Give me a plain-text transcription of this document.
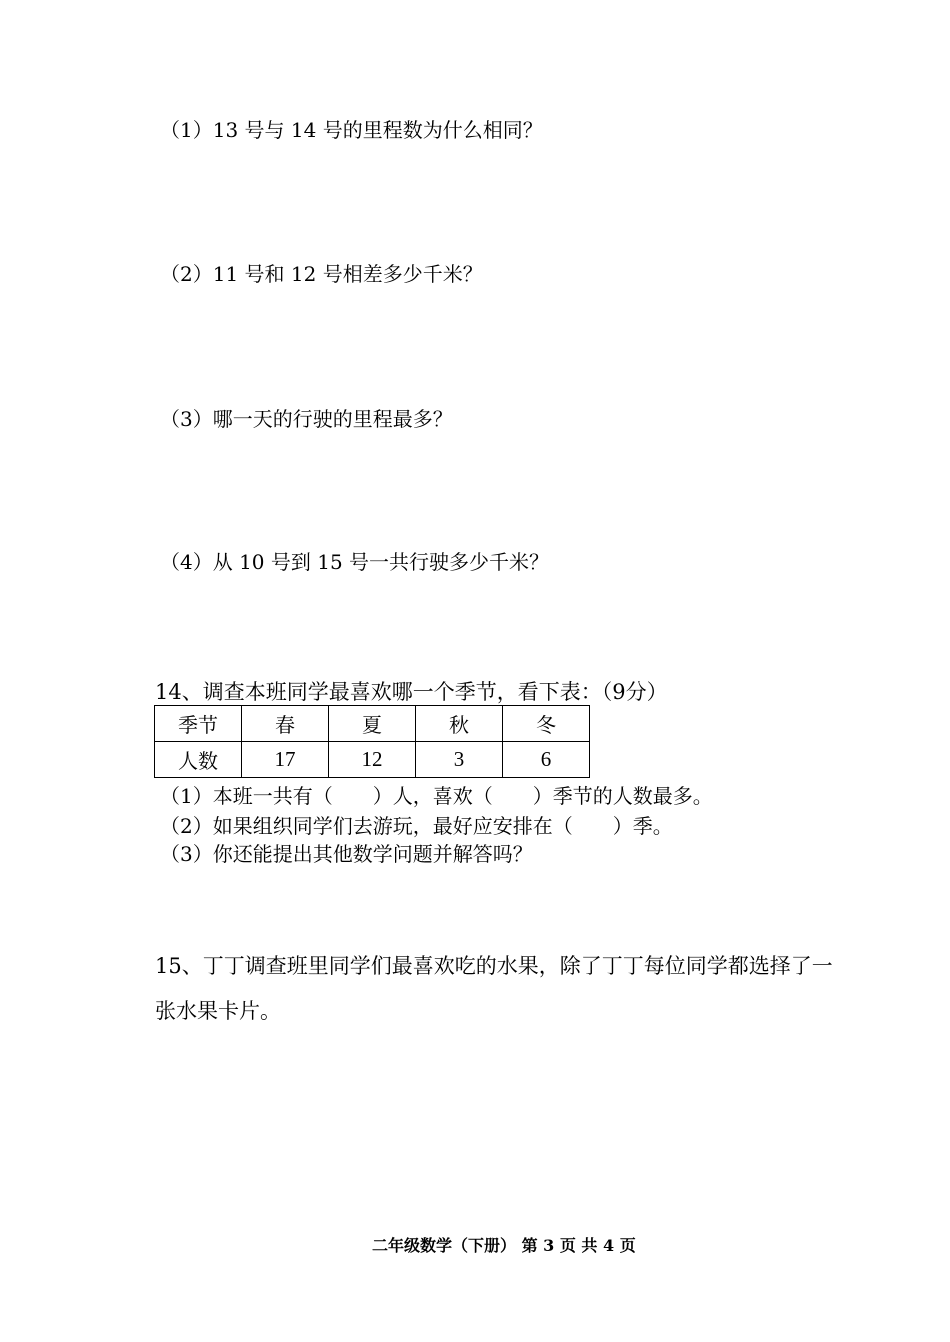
（1）13 号与 14 号的里程数为什么相同？
（2）11 号和 12 号相差多少千米？
（3）哪一天的行驶的里程最多？
（4）从 10 号到 15 号一共行驶多少千米？
14、调查本班同学最喜欢哪一个季节，看下表：（9分）
季节	春	夏	秋	冬
人数	17	12	3	6
（1）本班一共有（　　）人，喜欢（　　）季节的人数最多。
（2）如果组织同学们去游玩，最好应安排在（　　）季。
（3）你还能提出其他数学问题并解答吗？
15、丁丁调查班里同学们最喜欢吃的水果，除了丁丁每位同学都选择了一
张水果卡片。
二年级数学（下册） 第 3 页 共 4 页
